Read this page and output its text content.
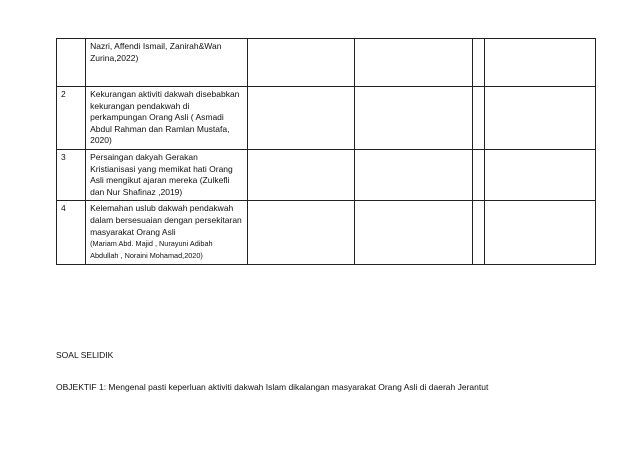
	Nazri, Affendi Ismail, Zanirah&Wan
Zurina,2022)				
2	Kekurangan aktiviti dakwah disebabkan
kekurangan pendakwah di
perkampungan Orang Asli ( Asmadi
Abdul Rahman dan Ramlan Mustafa,
2020)				
3	Persaingan dakyah Gerakan
Kristianisasi yang memikat hati Orang
Asli mengikut ajaran mereka (Zulkefli
dan Nur Shafinaz ,2019)				
4	Kelemahan uslub dakwah pendakwah
dalam bersesuaian dengan persekitaran
masyarakat Orang Asli
(Mariam Abd. Majid , Nurayuni Adibah
Abdullah , Noraini Mohamad,2020)				

SOAL SELIDIK

OBJEKTIF 1: Mengenal pasti keperluan aktiviti dakwah Islam dikalangan masyarakat Orang Asli di daerah Jerantut
